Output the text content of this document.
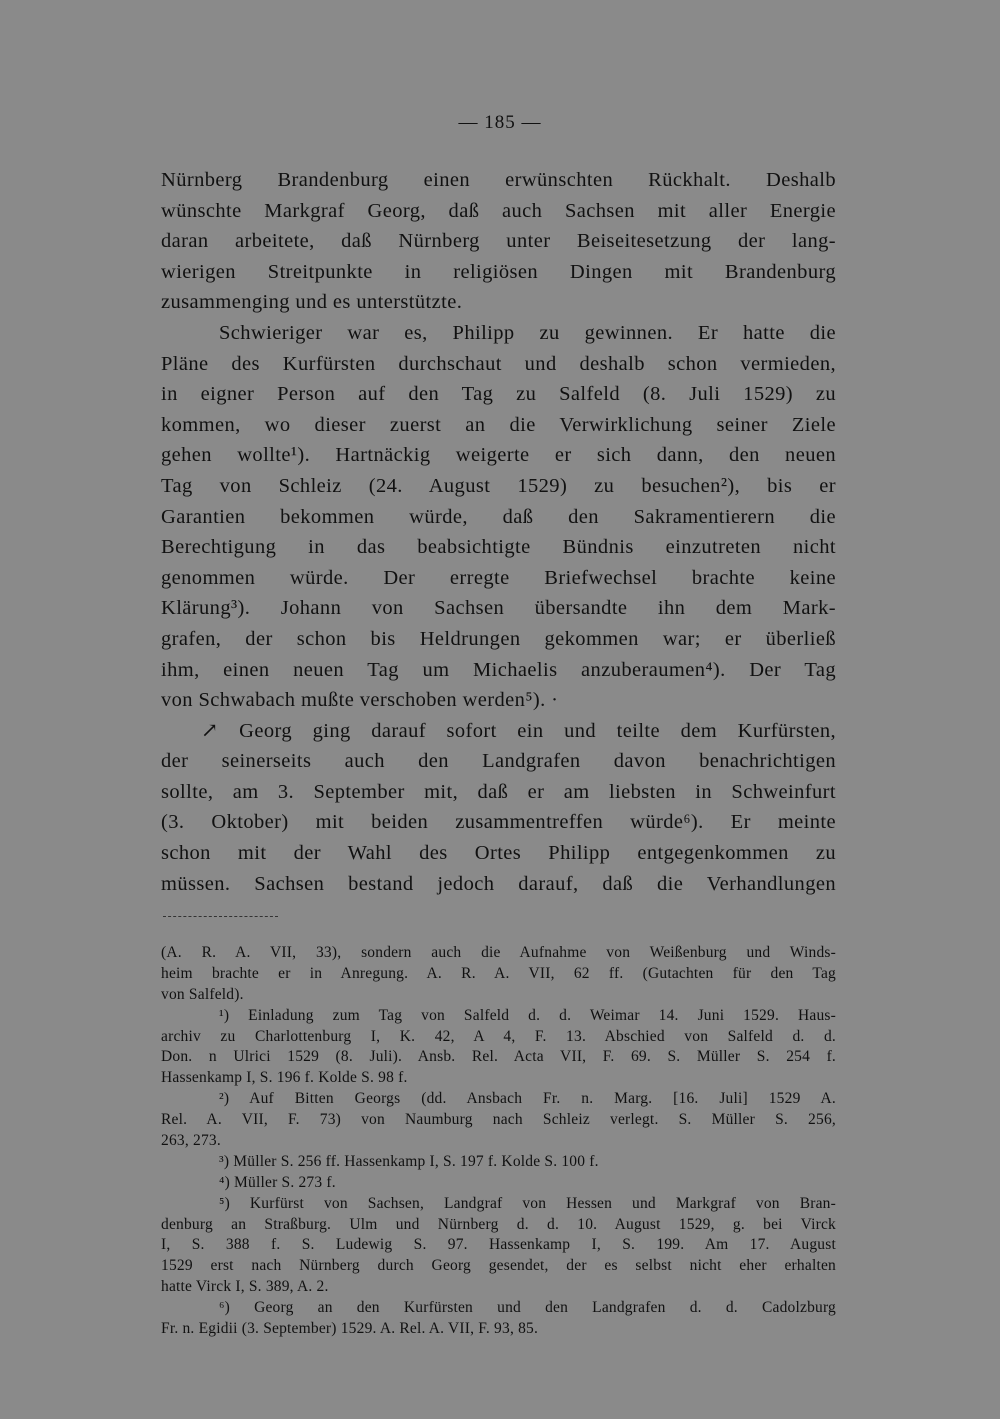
— 185 —
Nürnberg Brandenburg einen erwünschten Rückhalt. Deshalb
wünschte Markgraf Georg, daß auch Sachsen mit aller Energie
daran arbeitete, daß Nürnberg unter Beiseitesetzung der lang-
wierigen Streitpunkte in religiösen Dingen mit Brandenburg
zusammenging und es unterstützte.
Schwieriger war es, Philipp zu gewinnen. Er hatte die
Pläne des Kurfürsten durchschaut und deshalb schon vermieden,
in eigner Person auf den Tag zu Salfeld (8. Juli 1529) zu
kommen, wo dieser zuerst an die Verwirklichung seiner Ziele
gehen wollte¹). Hartnäckig weigerte er sich dann, den neuen
Tag von Schleiz (24. August 1529) zu besuchen²), bis er
Garantien bekommen würde, daß den Sakramentierern die
Berechtigung in das beabsichtigte Bündnis einzutreten nicht
genommen würde. Der erregte Briefwechsel brachte keine
Klärung³). Johann von Sachsen übersandte ihn dem Mark-
grafen, der schon bis Heldrungen gekommen war; er überließ
ihm, einen neuen Tag um Michaelis anzuberaumen⁴). Der Tag
von Schwabach mußte verschoben werden⁵). ·
↗ Georg ging darauf sofort ein und teilte dem Kurfürsten,
der seinerseits auch den Landgrafen davon benachrichtigen
sollte, am 3. September mit, daß er am liebsten in Schweinfurt
(3. Oktober) mit beiden zusammentreffen würde⁶). Er meinte
schon mit der Wahl des Ortes Philipp entgegenkommen zu
müssen. Sachsen bestand jedoch darauf, daß die Verhandlungen
(A. R. A. VII, 33), sondern auch die Aufnahme von Weißenburg und Winds-
heim brachte er in Anregung. A. R. A. VII, 62 ff. (Gutachten für den Tag
von Salfeld).
¹) Einladung zum Tag von Salfeld d. d. Weimar 14. Juni 1529. Haus-
archiv zu Charlottenburg I, K. 42, A 4, F. 13. Abschied von Salfeld d. d.
Don. n Ulrici 1529 (8. Juli). Ansb. Rel. Acta VII, F. 69. S. Müller S. 254 f.
Hassenkamp I, S. 196 f. Kolde S. 98 f.
²) Auf Bitten Georgs (dd. Ansbach Fr. n. Marg. [16. Juli] 1529 A.
Rel. A. VII, F. 73) von Naumburg nach Schleiz verlegt. S. Müller S. 256,
263, 273.
³) Müller S. 256 ff. Hassenkamp I, S. 197 f. Kolde S. 100 f.
⁴) Müller S. 273 f.
⁵) Kurfürst von Sachsen, Landgraf von Hessen und Markgraf von Bran-
denburg an Straßburg. Ulm und Nürnberg d. d. 10. August 1529, g. bei Virck
I, S. 388 f. S. Ludewig S. 97. Hassenkamp I, S. 199. Am 17. August
1529 erst nach Nürnberg durch Georg gesendet, der es selbst nicht eher erhalten
hatte Virck I, S. 389, A. 2.
⁶) Georg an den Kurfürsten und den Landgrafen d. d. Cadolzburg
Fr. n. Egidii (3. September) 1529. A. Rel. A. VII, F. 93, 85.
